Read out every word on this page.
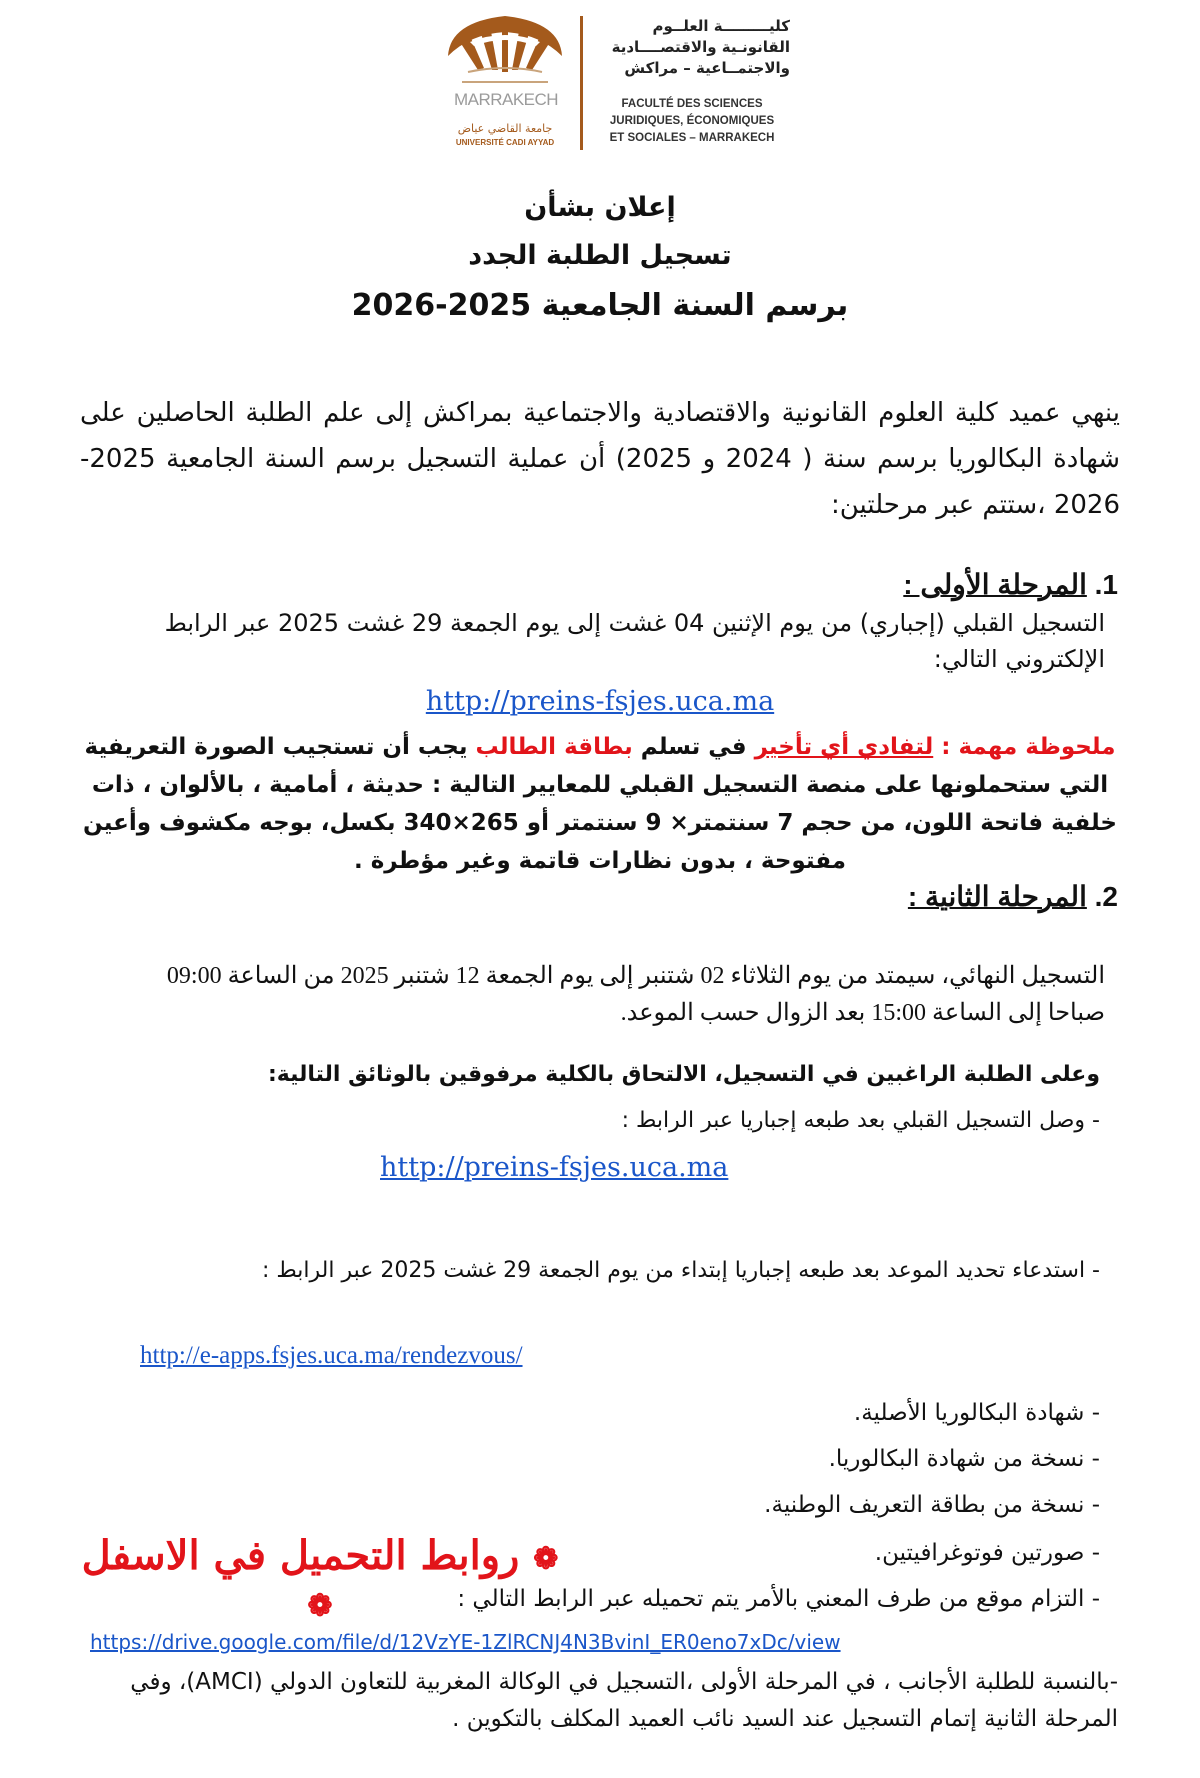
MARRAKECH
جامعة القاضي عياض
UNIVERSITÉ CADI AYYAD
كليـــــــــة العلــوم
القانونـية والاقتصــــادية
والاجتمــاعية – مراكش
FACULTÉ DES SCIENCES
JURIDIQUES, ÉCONOMIQUES
ET SOCIALES – MARRAKECH
إعلان بشأن
تسجيل الطلبة الجدد
برسم السنة الجامعية 2025-2026
ينهي عميد كلية العلوم القانونية والاقتصادية والاجتماعية بمراكش إلى علم الطلبة الحاصلين على شهادة البكالوريا برسم سنة ( 2024 و 2025) أن عملية التسجيل برسم السنة الجامعية 2025-2026 ،ستتم عبر مرحلتين:
1. المرحلة الأولى :
التسجيل القبلي (إجباري) من يوم الإثنين 04 غشت إلى يوم الجمعة 29 غشت 2025 عبر الرابط الإلكتروني التالي:
http://preins-fsjes.uca.ma
ملحوظة مهمة : لتفادي أي تأخير في تسلم بطاقة الطالب يجب أن تستجيب الصورة التعريفية التي ستحملونها على منصة التسجيل القبلي للمعايير التالية : حديثة ، أمامية ، بالألوان ، ذات خلفية فاتحة اللون، من حجم 7 سنتمتر× 9 سنتمتر أو 265×340 بكسل، بوجه مكشوف وأعين مفتوحة ، بدون نظارات قاتمة وغير مؤطرة .
2. المرحلة الثانية :
التسجيل النهائي، سيمتد من يوم الثلاثاء 02 شتنبر إلى يوم الجمعة 12 شتنبر 2025 من الساعة 09:00 صباحا إلى الساعة 15:00 بعد الزوال حسب الموعد.
وعلى الطلبة الراغبين في التسجيل، الالتحاق بالكلية مرفوقين بالوثائق التالية:
- وصل التسجيل القبلي بعد طبعه إجباريا عبر الرابط :
http://preins-fsjes.uca.ma
- استدعاء تحديد الموعد بعد طبعه إجباريا إبتداء من يوم الجمعة 29 غشت 2025 عبر الرابط :
http://e-apps.fsjes.uca.ma/rendezvous/
- شهادة البكالوريا الأصلية.
- نسخة من شهادة البكالوريا.
- نسخة من بطاقة التعريف الوطنية.
- صورتين فوتوغرافيتين.
❁ روابط التحميل في الاسفل ❁	- التزام موقع من طرف المعني بالأمر يتم تحميله عبر الرابط التالي :
https://drive.google.com/file/d/12VzYE-1ZlRCNJ4N3BvinI_ER0eno7xDc/view
-بالنسبة للطلبة الأجانب ، في المرحلة الأولى ،التسجيل في الوكالة المغربية للتعاون الدولي (AMCI)، وفي المرحلة الثانية إتمام التسجيل عند السيد نائب العميد المكلف بالتكوين .
